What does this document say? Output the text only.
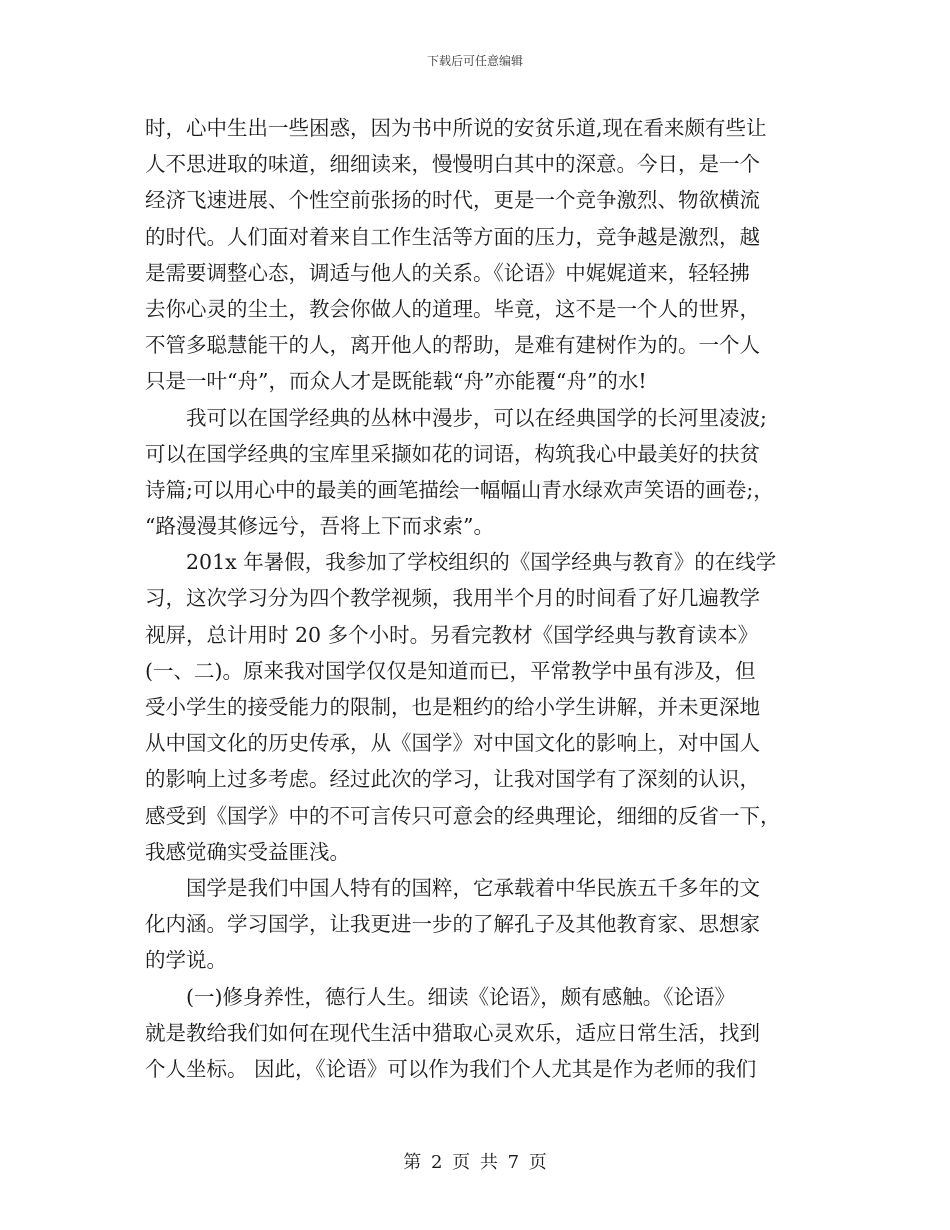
下载后可任意编辑
时，心中生出一些困惑，因为书中所说的安贫乐道,现在看来颇有些让
人不思进取的味道，细细读来，慢慢明白其中的深意。今日，是一个
经济飞速进展、个性空前张扬的时代，更是一个竞争激烈、物欲横流
的时代。人们面对着来自工作生活等方面的压力，竞争越是激烈，越
是需要调整心态，调适与他人的关系。《论语》中娓娓道来，轻轻拂
去你心灵的尘土，教会你做人的道理。毕竟，这不是一个人的世界，
不管多聪慧能干的人，离开他人的帮助，是难有建树作为的。一个人
只是一叶“舟”，而众人才是既能载“舟”亦能覆“舟”的水!
我可以在国学经典的丛林中漫步，可以在经典国学的长河里凌波;
可以在国学经典的宝库里采撷如花的词语，构筑我心中最美好的扶贫
诗篇;可以用心中的最美的画笔描绘一幅幅山青水绿欢声笑语的画卷;，
“路漫漫其修远兮，吾将上下而求索”。
201x 年暑假，我参加了学校组织的《国学经典与教育》的在线学
习，这次学习分为四个教学视频，我用半个月的时间看了好几遍教学
视屏，总计用时 20 多个小时。另看完教材《国学经典与教育读本》
(一、二)。原来我对国学仅仅是知道而已，平常教学中虽有涉及，但
受小学生的接受能力的限制，也是粗约的给小学生讲解，并未更深地
从中国文化的历史传承，从《国学》对中国文化的影响上，对中国人
的影响上过多考虑。经过此次的学习，让我对国学有了深刻的认识，
感受到《国学》中的不可言传只可意会的经典理论，细细的反省一下，
我感觉确实受益匪浅。
国学是我们中国人特有的国粹，它承载着中华民族五千多年的文
化内涵。学习国学，让我更进一步的了解孔子及其他教育家、思想家
的学说。
(一)修身养性，德行人生。细读《论语》，颇有感触。《论语》
就是教给我们如何在现代生活中猎取心灵欢乐，适应日常生活，找到
个人坐标。 因此，《论语》可以作为我们个人尤其是作为老师的我们
第 2 页 共 7 页
